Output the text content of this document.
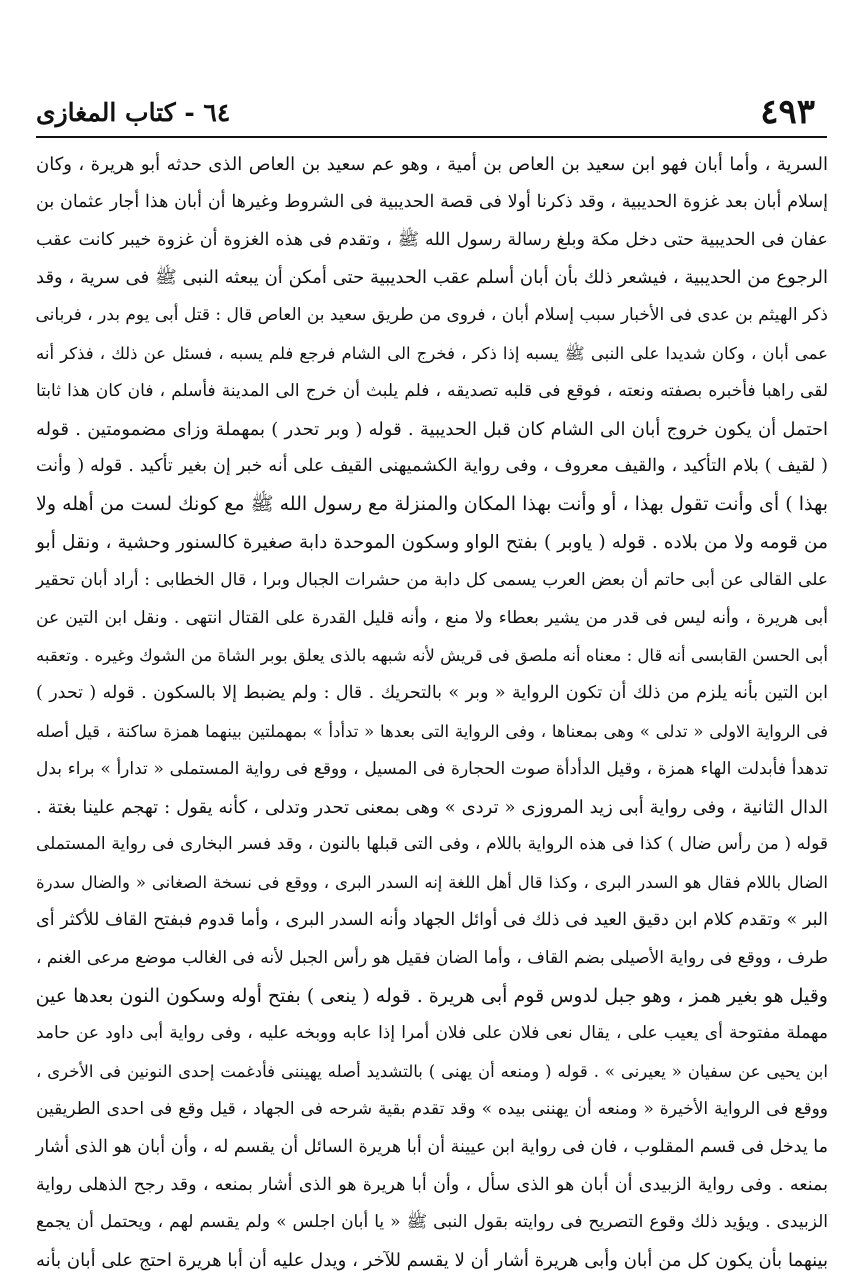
٤٩٣
٦٤ - كتاب المغازى
السرية ، وأما أبان فهو ابن سعيد بن العاص بن أمية ، وهو عم سعيد بن العاص الذى حدثه أبو هريرة ، وكان
إسلام أبان بعد غزوة الحديبية ، وقد ذكرنا أولا فى قصة الحديبية فى الشروط وغيرها أن أبان هذا أجار عثمان بن
عفان فى الحديبية حتى دخل مكة وبلغ رسالة رسول الله ﷺ ، وتقدم فى هذه الغزوة أن غزوة خيبر كانت عقب
الرجوع من الحديبية ، فيشعر ذلك بأن أبان أسلم عقب الحديبية حتى أمكن أن يبعثه النبى ﷺ فى سرية ، وقد
ذكر الهيثم بن عدى فى الأخبار سبب إسلام أبان ، فروى من طريق سعيد بن العاص قال : قتل أبى يوم بدر ، فربانى
عمى أبان ، وكان شديدا على النبى ﷺ يسبه إذا ذكر ، فخرج الى الشام فرجع فلم يسبه ، فسئل عن ذلك ، فذكر أنه
لقى راهبا فأخبره بصفته ونعته ، فوقع فى قلبه تصديقه ، فلم يلبث أن خرج الى المدينة فأسلم ، فان كان هذا ثابتا
احتمل أن يكون خروج أبان الى الشام كان قبل الحديبية . قوله ( وبر تحدر ) بمهملة وزاى مضمومتين . قوله
( لقيف ) بلام التأكيد ، والقيف معروف ، وفى رواية الكشميهنى القيف على أنه خبر إن بغير تأكيد . قوله ( وأنت
بهذا ) أى وأنت تقول بهذا ، أو وأنت بهذا المكان والمنزلة مع رسول الله ﷺ مع كونك لست من أهله ولا
من قومه ولا من بلاده . قوله ( ياوبر ) بفتح الواو وسكون الموحدة دابة صغيرة كالسنور وحشية ، ونقل أبو
على القالى عن أبى حاتم أن بعض العرب يسمى كل دابة من حشرات الجبال وبرا ، قال الخطابى : أراد أبان تحقير
أبى هريرة ، وأنه ليس فى قدر من يشير بعطاء ولا منع ، وأنه قليل القدرة على القتال انتهى . ونقل ابن التين عن
أبى الحسن القابسى أنه قال : معناه أنه ملصق فى قريش لأنه شبهه بالذى يعلق بوبر الشاة من الشوك وغيره . وتعقبه
ابن التين بأنه يلزم من ذلك أن تكون الرواية « وبر » بالتحريك . قال : ولم يضبط إلا بالسكون . قوله ( تحدر )
فى الرواية الاولى « تدلى » وهى بمعناها ، وفى الرواية التى بعدها « تدأدأ » بمهملتين بينهما همزة ساكنة ، قيل أصله
تدهدأ فأبدلت الهاء همزة ، وقيل الدأدأة صوت الحجارة فى المسيل ، ووقع فى رواية المستملى « تدارأ » براء بدل
الدال الثانية ، وفى رواية أبى زيد المروزى « تردى » وهى بمعنى تحدر وتدلى ، كأنه يقول : تهجم علينا بغتة .
قوله ( من رأس ضال ) كذا فى هذه الرواية باللام ، وفى التى قبلها بالنون ، وقد فسر البخارى فى رواية المستملى
الضال باللام فقال هو السدر البرى ، وكذا قال أهل اللغة إنه السدر البرى ، ووقع فى نسخة الصغانى « والضال سدرة
البر » وتقدم كلام ابن دقيق العيد فى ذلك فى أوائل الجهاد وأنه السدر البرى ، وأما قدوم فبفتح القاف للأكثر أى
طرف ، ووقع فى رواية الأصيلى بضم القاف ، وأما الضان فقيل هو رأس الجبل لأنه فى الغالب موضع مرعى الغنم ،
وقيل هو بغير همز ، وهو جبل لدوس قوم أبى هريرة . قوله ( ينعى ) بفتح أوله وسكون النون بعدها عين
مهملة مفتوحة أى يعيب على ، يقال نعى فلان على فلان أمرا إذا عابه ووبخه عليه ، وفى رواية أبى داود عن حامد
ابن يحيى عن سفيان « يعيرنى » . قوله ( ومنعه أن يهنى ) بالتشديد أصله يهيننى فأدغمت إحدى النونين فى الأخرى ،
ووقع فى الرواية الأخيرة « ومنعه أن يهننى بيده » وقد تقدم بقية شرحه فى الجهاد ، قيل وقع فى احدى الطريقين
ما يدخل فى قسم المقلوب ، فان فى رواية ابن عيينة أن أبا هريرة السائل أن يقسم له ، وأن أبان هو الذى أشار
بمنعه . وفى رواية الزبيدى أن أبان هو الذى سأل ، وأن أبا هريرة هو الذى أشار بمنعه ، وقد رجح الذهلى رواية
الزبيدى . ويؤيد ذلك وقوع التصريح فى روايته بقول النبى ﷺ « يا أبان اجلس » ولم يقسم لهم ، ويحتمل أن يجمع
بينهما بأن يكون كل من أبان وأبى هريرة أشار أن لا يقسم للآخر ، ويدل عليه أن أبا هريرة احتج على أبان بأنه
